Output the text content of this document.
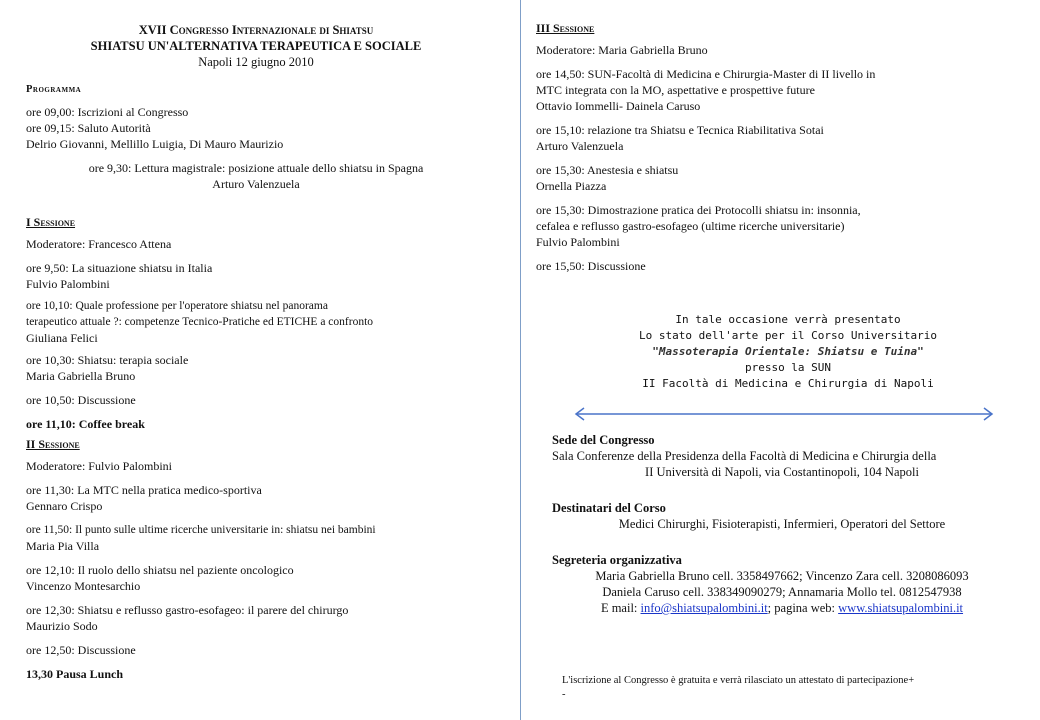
XVII Congresso Internazionale di Shiatsu

SHIATSU UN'ALTERNATIVA TERAPEUTICA E SOCIALE

Napoli 12 giugno 2010

Programma

ore 09,00: Iscrizioni al Congresso

ore 09,15: Saluto Autorità

Delrio Giovanni, Mellillo Luigia, Di Mauro Maurizio

ore 9,30: Lettura magistrale: posizione attuale dello shiatsu in Spagna

Arturo Valenzuela

I Sessione

Moderatore: Francesco Attena

ore 9,50: La situazione shiatsu in Italia

Fulvio Palombini

ore 10,10: Quale professione per l'operatore shiatsu nel panorama

terapeutico attuale ?: competenze Tecnico-Pratiche ed ETICHE a confronto

Giuliana Felici

ore 10,30: Shiatsu: terapia sociale

Maria Gabriella Bruno

ore 10,50: Discussione

ore 11,10: Coffee break

II Sessione

Moderatore: Fulvio Palombini

ore 11,30: La MTC nella pratica medico-sportiva

Gennaro Crispo

ore 11,50: Il punto sulle ultime ricerche universitarie in: shiatsu nei bambini

Maria Pia Villa

ore 12,10: Il ruolo dello shiatsu nel paziente oncologico

Vincenzo Montesarchio

ore 12,30: Shiatsu e reflusso gastro-esofageo: il parere del chirurgo

Maurizio Sodo

ore 12,50: Discussione

13,30 Pausa Lunch

III Sessione

Moderatore: Maria Gabriella Bruno

ore 14,50: SUN-Facoltà di Medicina e Chirurgia-Master di II livello in

MTC integrata con la MO, aspettative e prospettive future

Ottavio Iommelli- Dainela Caruso

ore 15,10: relazione tra Shiatsu e Tecnica Riabilitativa Sotai

Arturo Valenzuela

ore 15,30: Anestesia e shiatsu

Ornella Piazza

ore 15,30: Dimostrazione pratica dei Protocolli shiatsu in: insonnia,

cefalea e reflusso gastro-esofageo (ultime ricerche universitarie)

Fulvio Palombini

ore 15,50: Discussione

In tale occasione verrà presentato
Lo stato dell'arte per il Corso Universitario
"Massoterapia Orientale: Shiatsu e Tuina"
presso la SUN
II Facoltà di Medicina e Chirurgia di Napoli

Sede del Congresso

Sala Conferenze della Presidenza della Facoltà di Medicina e Chirurgia della

II Università di Napoli, via Costantinopoli, 104 Napoli

Destinatari del Corso

Medici Chirurghi, Fisioterapisti, Infermieri, Operatori del Settore

Segreteria organizzativa

Maria Gabriella Bruno cell. 3358497662; Vincenzo Zara cell. 3208086093

Daniela Caruso cell. 338349090279; Annamaria Mollo tel. 0812547938

E mail: info@shiatsupalombini.it; pagina web: www.shiatsupalombini.it

L'iscrizione al Congresso è gratuita e verrà rilasciato un attestato di partecipazione+
-
